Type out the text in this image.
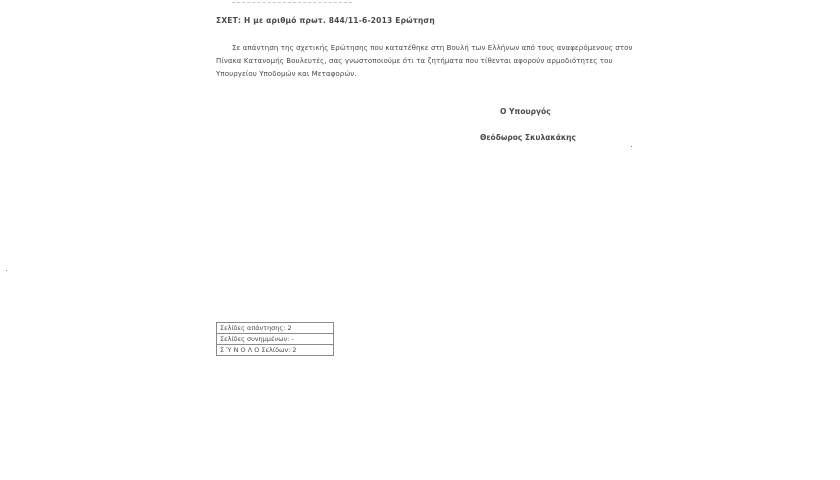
ΣΧΕΤ: Η με αριθμό πρωτ. 844/11-6-2013 Ερώτηση
Σε απάντηση της σχετικής Ερώτησης που κατατέθηκε στη Βουλή των Ελλήνων από τους αναφερόμενους στον
Πίνακα Κατανομής Βουλευτές, σας γνωστοποιούμε ότι τα ζητήματα που τίθενται αφορούν αρμοδιότητες του
Υπουργείου Υποδομών και Μεταφορών.
Ο Υπουργός
Θεόδωρος Σκυλακάκης
Σελίδες απάντησης: 2
Σελίδες συνημμένων: -
Σ Ύ Ν Ο Λ Ο Σελίδων: 2
